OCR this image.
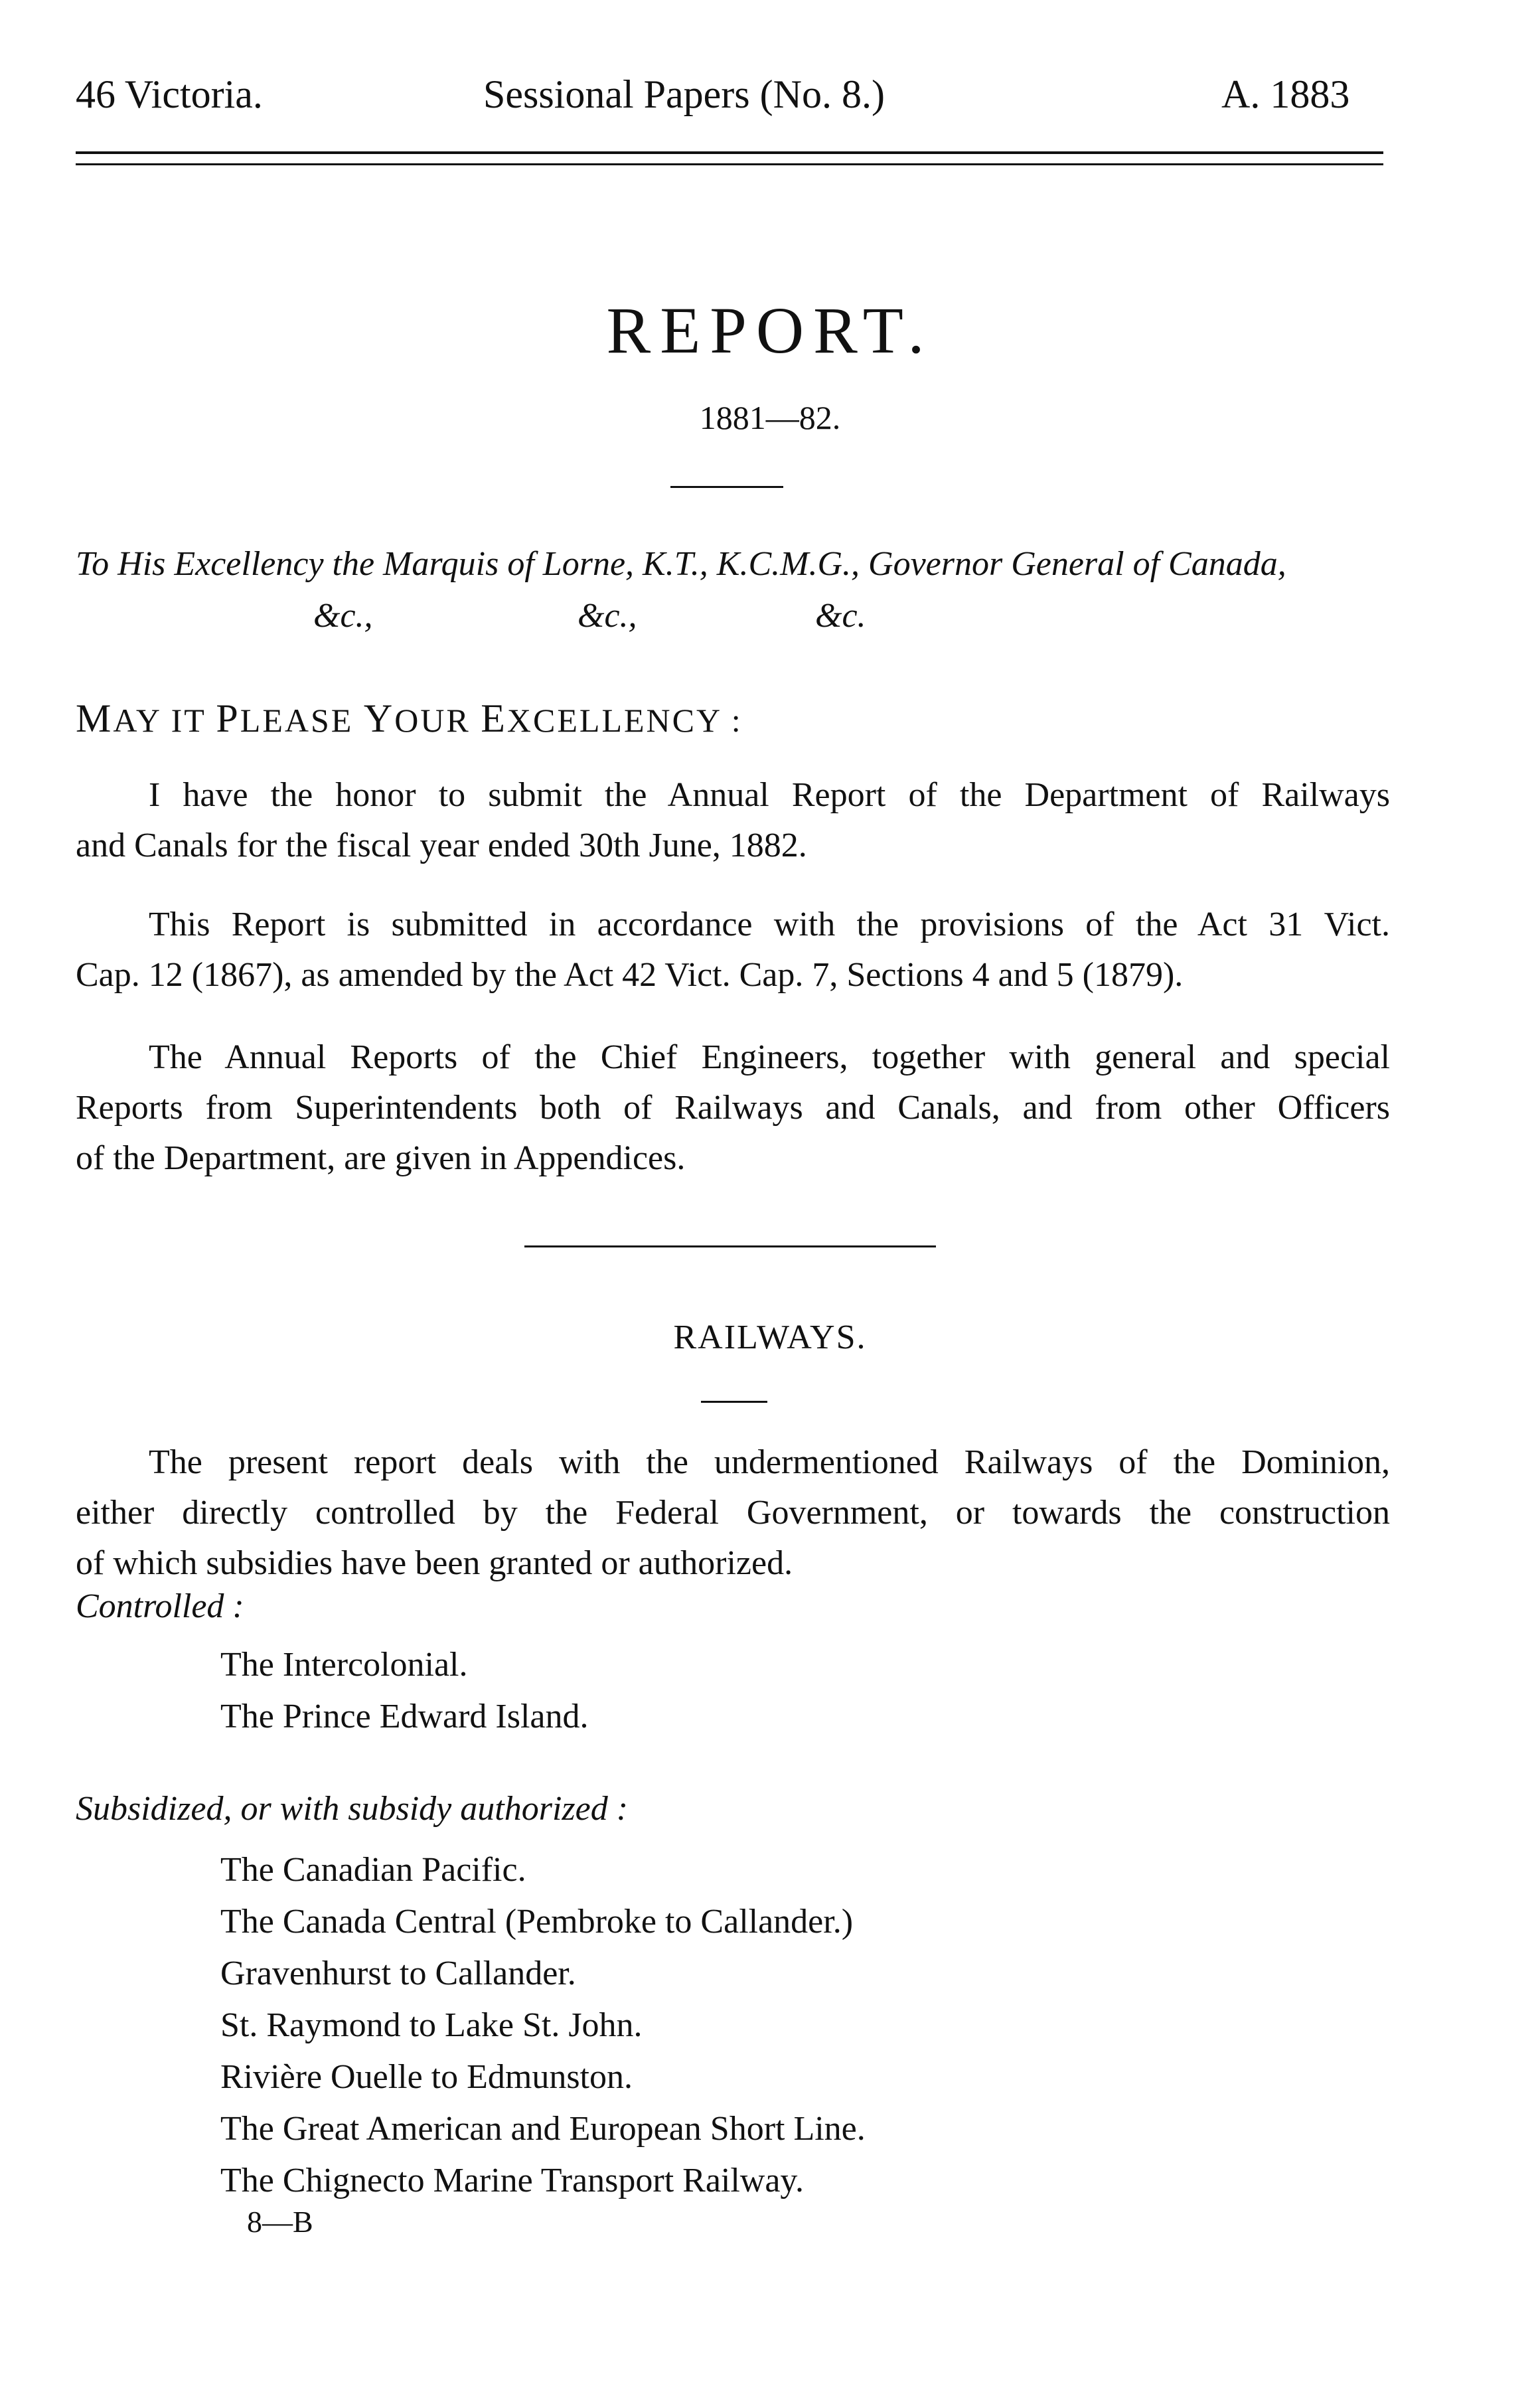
46 Victoria.	Sessional Papers (No. 8.)	A. 1883
REPORT.
1881—82.
To His Excellency the Marquis of Lorne, K.T., K.C.M.G., Governor General of Canada,
&c.,	&c.,	&c.
MAY IT PLEASE YOUR EXCELLENCY :
I have the honor to submit the Annual Report of the Department of Railways
and Canals for the fiscal year ended 30th June, 1882.
This Report is submitted in accordance with the provisions of the Act 31 Vict.
Cap. 12 (1867), as amended by the Act 42 Vict. Cap. 7, Sections 4 and 5 (1879).
The Annual Reports of the Chief Engineers, together with general and special
Reports from Superintendents both of Railways and Canals, and from other Officers
of the Department, are given in Appendices.
RAILWAYS.
The present report deals with the undermentioned Railways of the Dominion,
either directly controlled by the Federal Government, or towards the construction
of which subsidies have been granted or authorized.
Controlled :
The Intercolonial.
The Prince Edward Island.
Subsidized, or with subsidy authorized :
The Canadian Pacific.
The Canada Central (Pembroke to Callander.)
Gravenhurst to Callander.
St. Raymond to Lake St. John.
Rivière Ouelle to Edmunston.
The Great American and European Short Line.
The Chignecto Marine Transport Railway.
8—B
